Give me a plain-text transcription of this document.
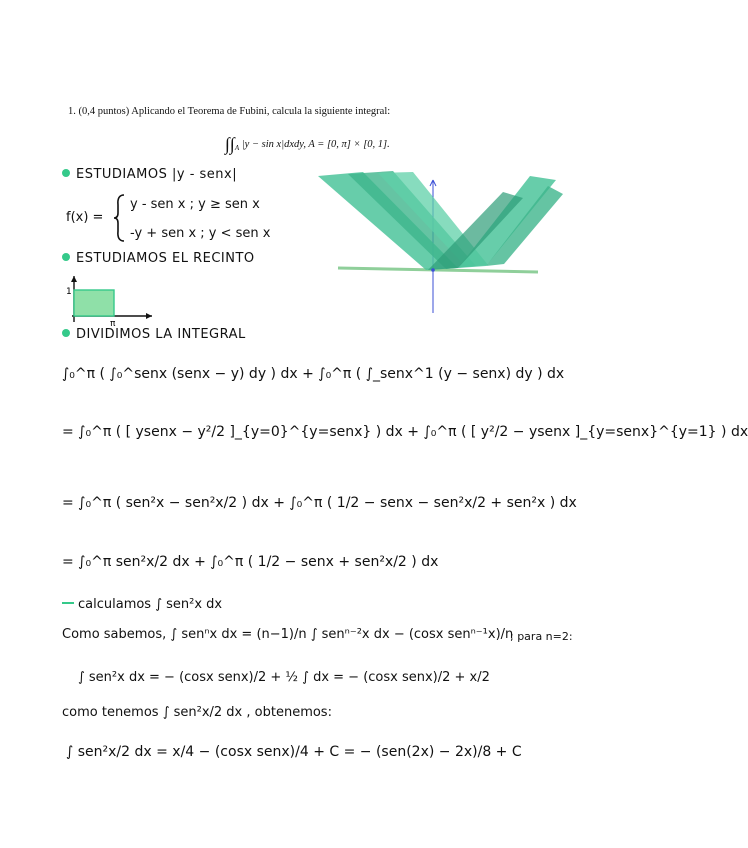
1. (0,4 puntos) Aplicando el Teorema de Fubini, calcula la siguiente integral:
$\int\int_A$ |y − sin x|dxdy, A = [0, π] × [0, 1].
ESTUDIAMOS |y - senx|
f(x) =
y - sen x ; y ≥ sen x
-y + sen x ; y < sen x
ESTUDIAMOS EL RECINTO
1
π
DIVIDIMOS LA INTEGRAL
∫₀^π ( ∫₀^senx (senx − y) dy ) dx + ∫₀^π ( ∫_senx^1 (y − senx) dy ) dx
= ∫₀^π ( [ ysenx − y²/2 ]_{y=0}^{y=senx} ) dx + ∫₀^π ( [ y²/2 − ysenx ]_{y=senx}^{y=1} ) dx
= ∫₀^π ( sen²x − sen²x/2 ) dx + ∫₀^π ( 1/2 − senx − sen²x/2 + sen²x ) dx
= ∫₀^π sen²x/2 dx + ∫₀^π ( 1/2 − senx + sen²x/2 ) dx
calculamos ∫ sen²x dx
Como sabemos, ∫ senⁿx dx = (n−1)/n ∫ senⁿ⁻²x dx − (cosx senⁿ⁻¹x)/n
; para n=2:
∫ sen²x dx = − (cosx senx)/2 + ½ ∫ dx = − (cosx senx)/2 + x/2
como tenemos ∫ sen²x/2 dx , obtenemos:
∫ sen²x/2 dx = x/4 − (cosx senx)/4 + C = − (sen(2x) − 2x)/8 + C
